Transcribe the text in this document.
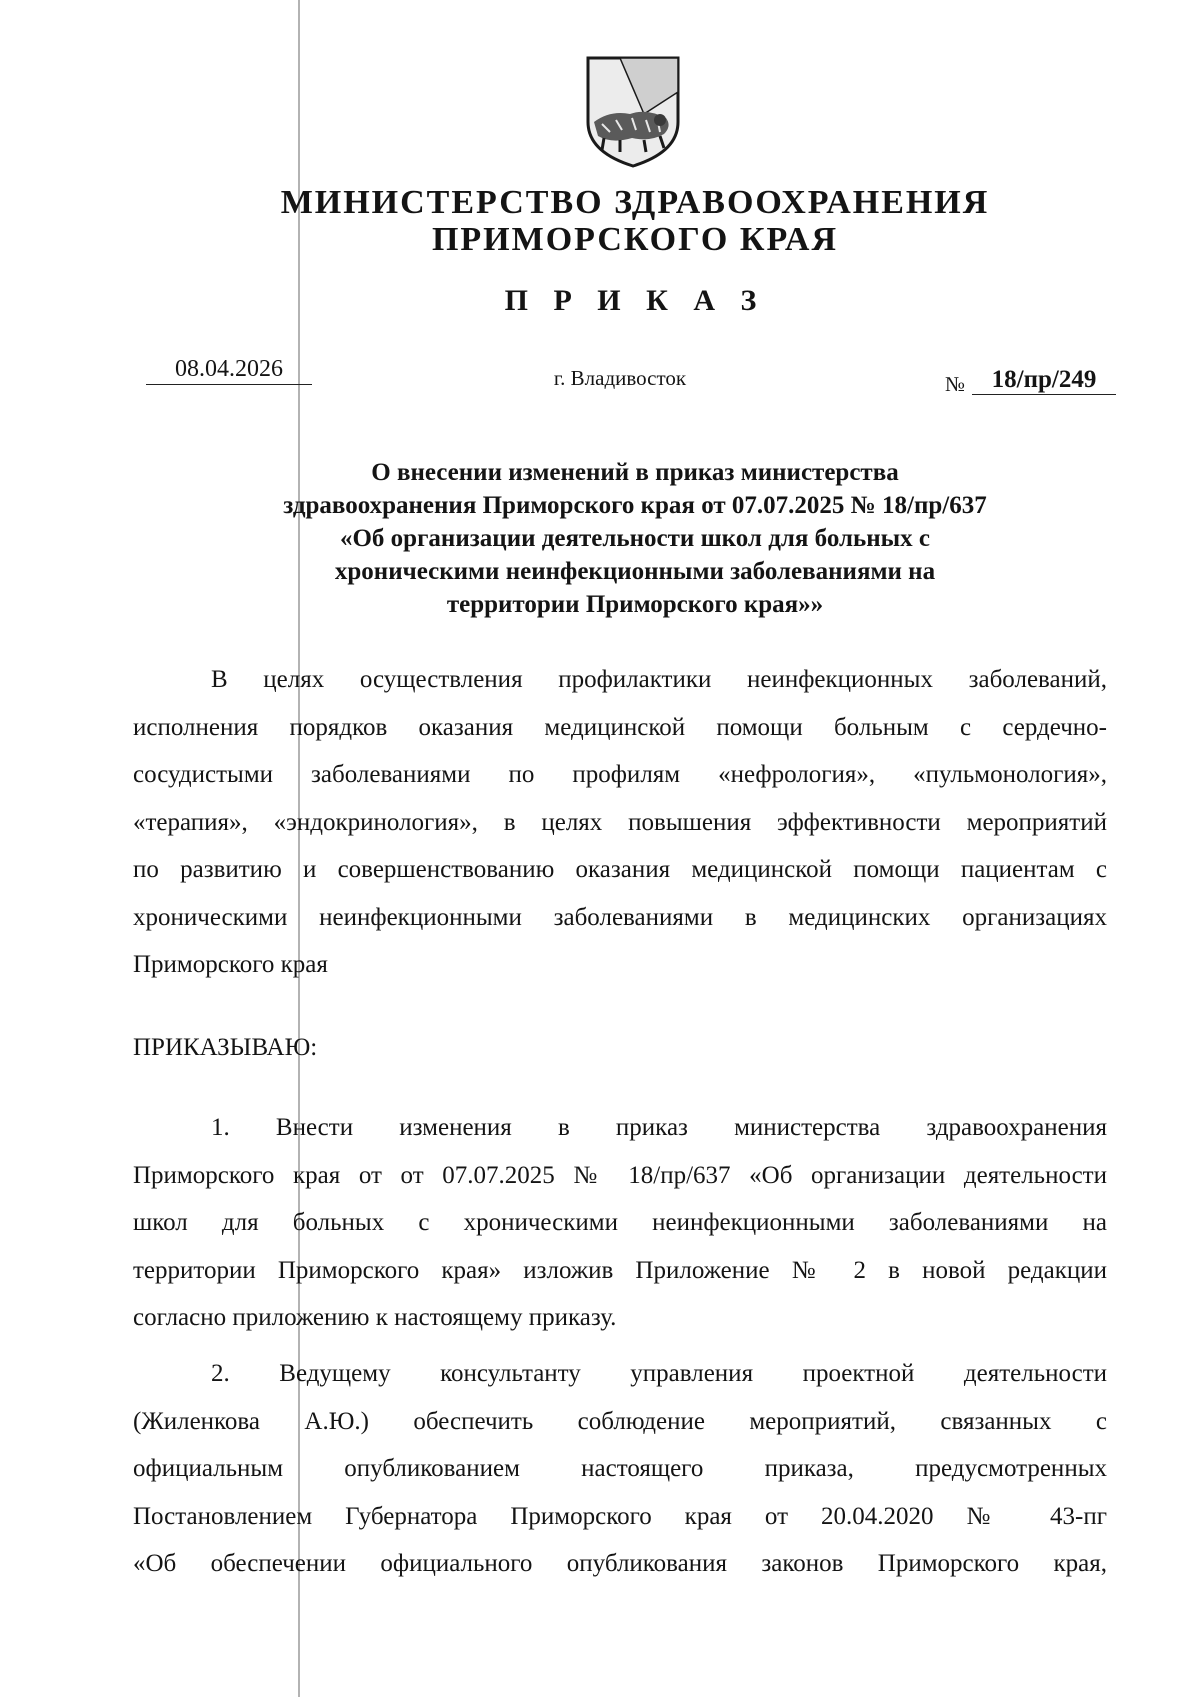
МИНИСТЕРСТВО ЗДРАВООХРАНЕНИЯ
ПРИМОРСКОГО КРАЯ
П Р И К А З
08.04.2026	г. Владивосток	№	18/пр/249
О внесении изменений в приказ министерства
здравоохранения Приморского края от 07.07.2025 № 18/пр/637
«Об организации деятельности школ для больных с
хроническими неинфекционными заболеваниями на
территории Приморского края»»
В целях осуществления профилактики неинфекционных заболеваний,
исполнения порядков оказания медицинской помощи больным с сердечно-
сосудистыми заболеваниями по профилям «нефрология», «пульмонология»,
«терапия», «эндокринология», в целях повышения эффективности мероприятий
по развитию и совершенствованию оказания медицинской помощи пациентам с
хроническими неинфекционными заболеваниями в медицинских организациях
Приморского края
ПРИКАЗЫВАЮ:
1. Внести изменения в приказ министерства здравоохранения
Приморского края от от 07.07.2025 № 18/пр/637 «Об организации деятельности
школ для больных с хроническими неинфекционными заболеваниями на
территории Приморского края» изложив Приложение № 2 в новой редакции
согласно приложению к настоящему приказу.
2. Ведущему консультанту управления проектной деятельности
(Жиленкова А.Ю.) обеспечить соблюдение мероприятий, связанных с
официальным опубликованием настоящего приказа, предусмотренных
Постановлением Губернатора Приморского края от 20.04.2020 № 43-пг
«Об обеспечении официального опубликования законов Приморского края,
